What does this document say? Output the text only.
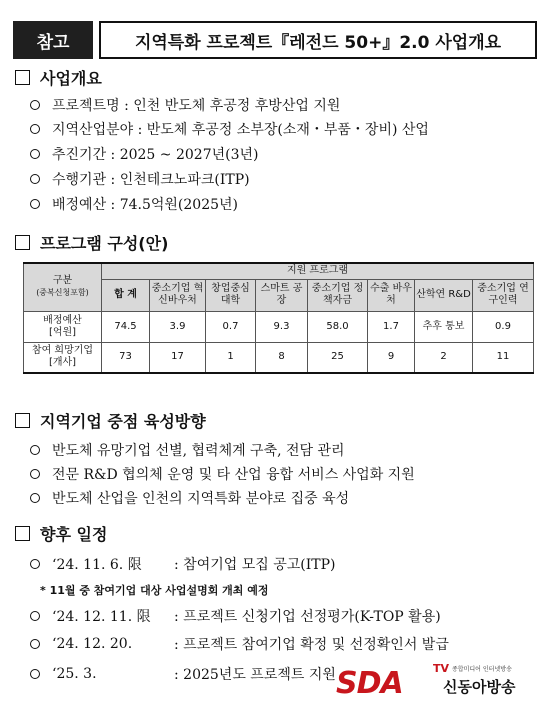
참고	지역특화 프로젝트『레전드 50+』2.0 사업개요
사업개요
프로젝트명 : 인천 반도체 후공정 후방산업 지원
지역산업분야 : 반도체 후공정 소부장(소재・부품・장비) 산업
추진기간 : 2025 ~ 2027년(3년)
수행기관 : 인천테크노파크(ITP)
배정예산 : 74.5억원(2025년)
프로그램 구성(안)
구분
(중복신청포함)	지원 프로그램							
	합 계	중소기업 혁신바우처	창업중심 대학	스마트 공장	중소기업 정책자금	수출 바우처	산학연 R&D	중소기업 연구인력
배정예산
[억원]	74.5	3.9	0.7	9.3	58.0	1.7	추후 통보	0.9
참여 희망기업
[개사]	73	17	1	8	25	9	2	11
지역기업 중점 육성방향
반도체 유망기업 선별, 협력체계 구축, 전담 관리
전문 R&D 협의체 운영 및 타 산업 융합 서비스 사업화 지원
반도체 산업을 인천의 지역특화 분야로 집중 육성
향후 일정
‘24. 11. 6. 限	: 참여기업 모집 공고(ITP)
* 11월 중 참여기업 대상 사업설명회 개최 예정
‘24. 12. 11. 限	: 프로젝트 신청기업 선정평가(K-TOP 활용)
‘24. 12. 20.	: 프로젝트 참여기업 확정 및 선정확인서 발급
‘25. 3.	: 2025년도 프로젝트 지원 SDA	TV 종합미디어 인터넷방송
신동아방송
